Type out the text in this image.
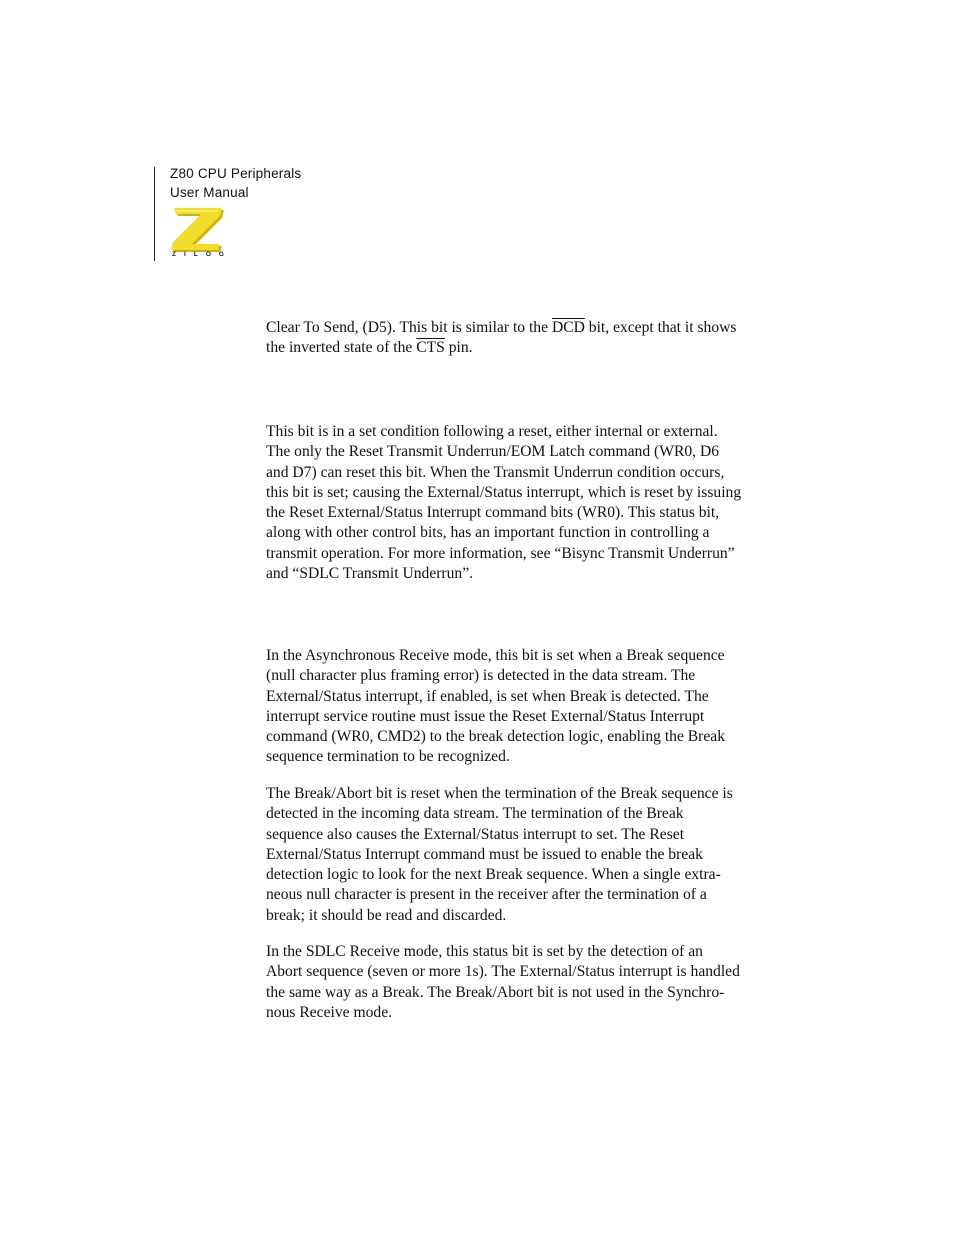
Z80 CPU Peripherals
User Manual
Z I L O G

Clear To Send, (D5). This bit is similar to the $\overline{DCD}$ bit, except that it shows

the inverted state of the $\overline{CTS}$ pin.

This bit is in a set condition following a reset, either internal or external.

The only the Reset Transmit Underrun/EOM Latch command (WR0, D6

and D7) can reset this bit. When the Transmit Underrun condition occurs,

this bit is set; causing the External/Status interrupt, which is reset by issuing

the Reset External/Status Interrupt command bits (WR0). This status bit,

along with other control bits, has an important function in controlling a

transmit operation. For more information, see “Bisync Transmit Underrun”

and “SDLC Transmit Underrun”.

In the Asynchronous Receive mode, this bit is set when a Break sequence

(null character plus framing error) is detected in the data stream. The

External/Status interrupt, if enabled, is set when Break is detected. The

interrupt service routine must issue the Reset External/Status Interrupt

command (WR0, CMD2) to the break detection logic, enabling the Break

sequence termination to be recognized.

The Break/Abort bit is reset when the termination of the Break sequence is

detected in the incoming data stream. The termination of the Break

sequence also causes the External/Status interrupt to set. The Reset

External/Status Interrupt command must be issued to enable the break

detection logic to look for the next Break sequence. When a single extra-

neous null character is present in the receiver after the termination of a

break; it should be read and discarded.

In the SDLC Receive mode, this status bit is set by the detection of an

Abort sequence (seven or more 1s). The External/Status interrupt is handled

the same way as a Break. The Break/Abort bit is not used in the Synchro-

nous Receive mode.
